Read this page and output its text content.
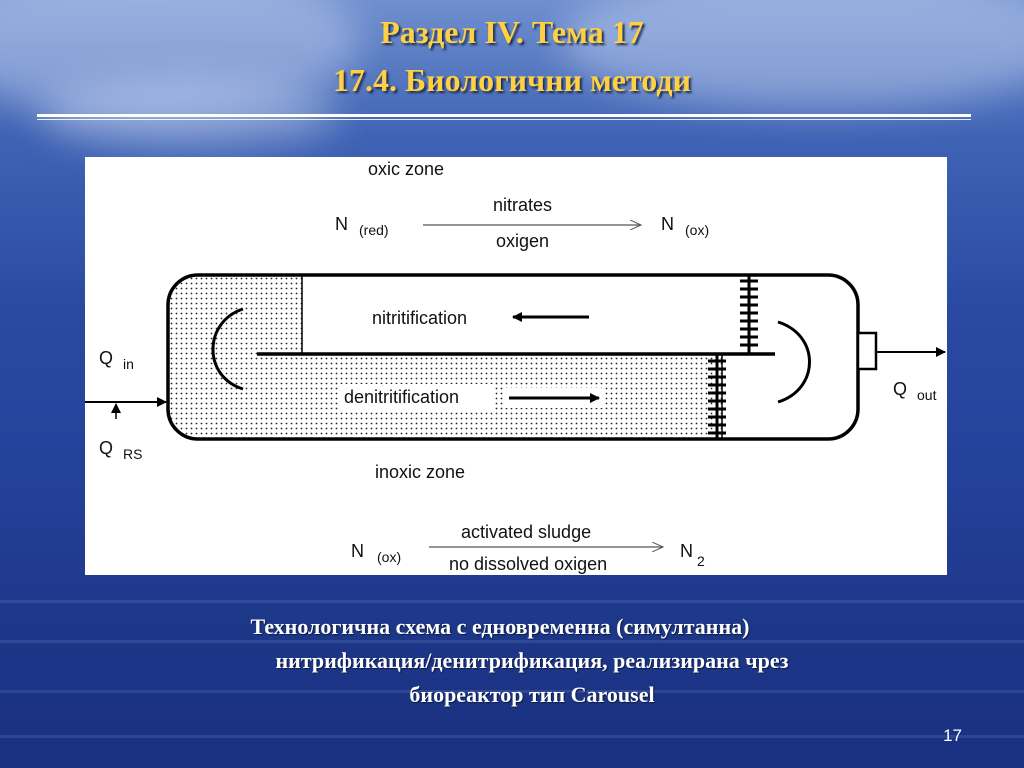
Раздел IV. Тема 17
17.4. Биологични методи
oxic zone
N (red)
nitrates
oxigen
N (ox)
nitritification
denitritification
Q in
Q RS
Q out
inoxic zone
N (ox)
activated sludge
no dissolved oxigen
N 2
Технологична схема с едновременна (симултанна)
нитрификация/денитрификация, реализирана чрез
биореактор тип Carousel
17
